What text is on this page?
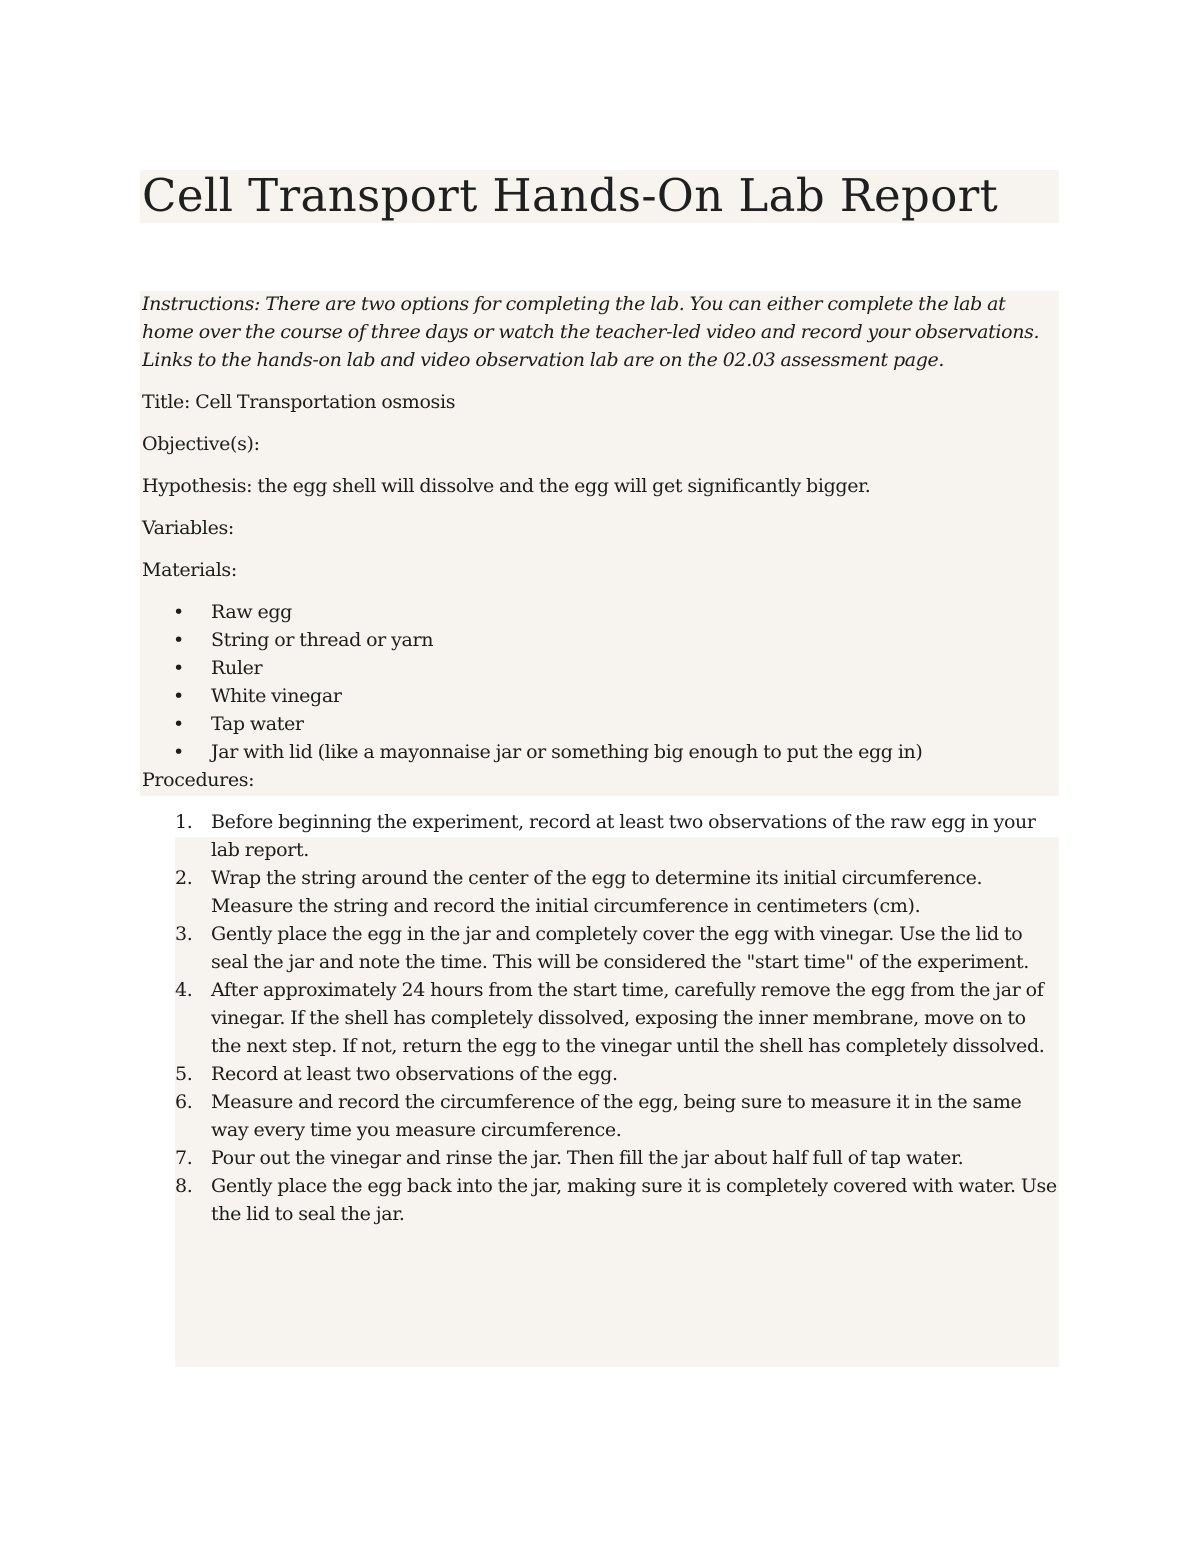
Cell Transport Hands-On Lab Report

Instructions: There are two options for completing the lab. You can either complete the lab at home over the course of three days or watch the teacher-led video and record your observations. Links to the hands-on lab and video observation lab are on the 02.03 assessment page.

Title: Cell Transportation osmosis

Objective(s):

Hypothesis: the egg shell will dissolve and the egg will get significantly bigger.

Variables:

Materials:

• Raw egg
• String or thread or yarn
• Ruler
• White vinegar
• Tap water
• Jar with lid (like a mayonnaise jar or something big enough to put the egg in)

Procedures:

1. Before beginning the experiment, record at least two observations of the raw egg in your lab report.
2. Wrap the string around the center of the egg to determine its initial circumference. Measure the string and record the initial circumference in centimeters (cm).
3. Gently place the egg in the jar and completely cover the egg with vinegar. Use the lid to seal the jar and note the time. This will be considered the "start time" of the experiment.
4. After approximately 24 hours from the start time, carefully remove the egg from the jar of vinegar. If the shell has completely dissolved, exposing the inner membrane, move on to the next step. If not, return the egg to the vinegar until the shell has completely dissolved.
5. Record at least two observations of the egg.
6. Measure and record the circumference of the egg, being sure to measure it in the same way every time you measure circumference.
7. Pour out the vinegar and rinse the jar. Then fill the jar about half full of tap water.
8. Gently place the egg back into the jar, making sure it is completely covered with water. Use the lid to seal the jar.
